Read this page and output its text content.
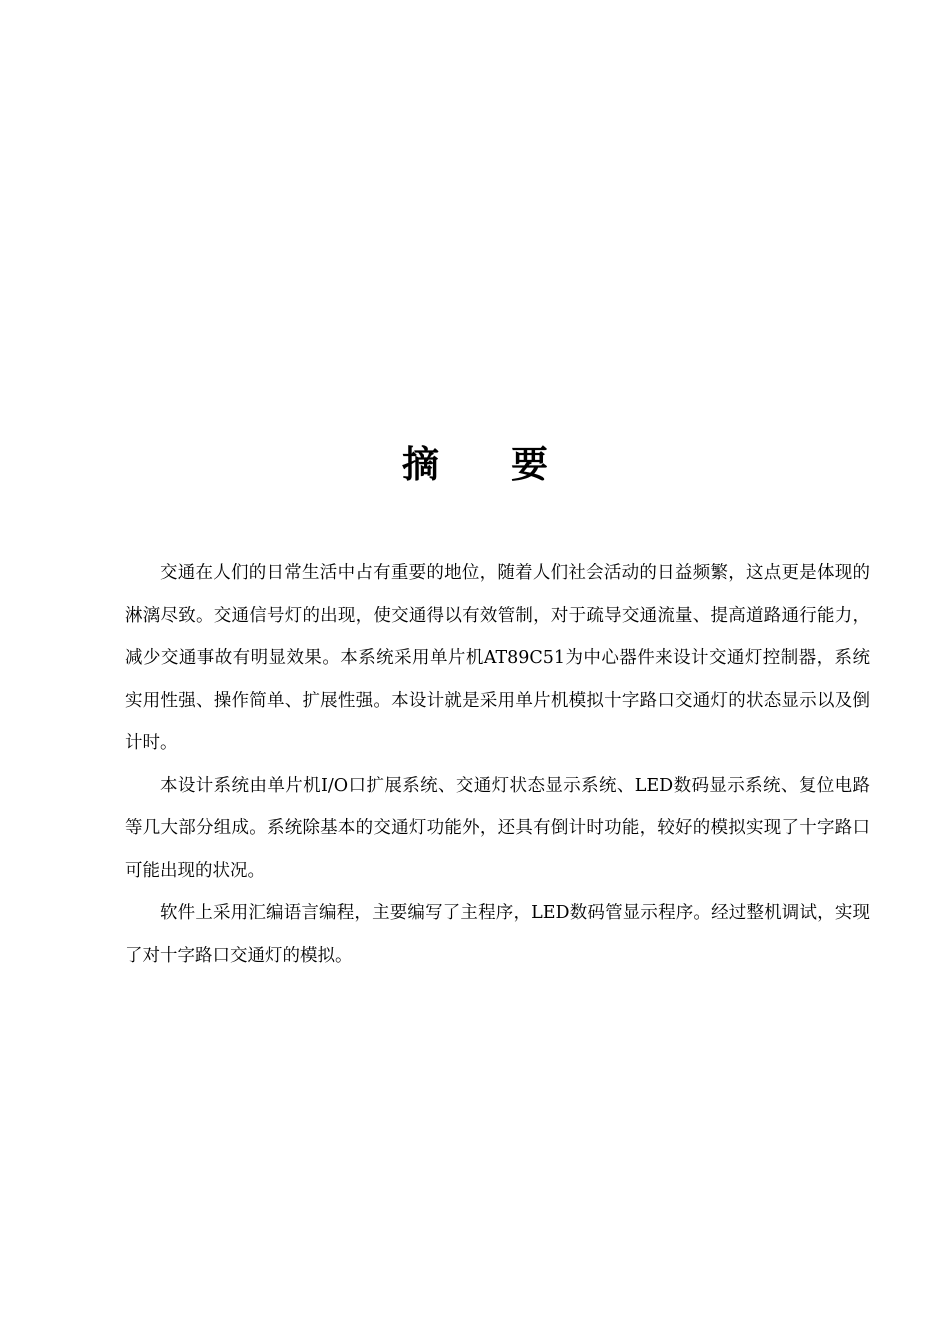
摘 要

交通在人们的日常生活中占有重要的地位，随着人们社会活动的日益频繁，这点更是体现的淋漓尽致。交通信号灯的出现，使交通得以有效管制，对于疏导交通流量、提高道路通行能力，减少交通事故有明显效果。本系统采用单片机AT89C51为中心器件来设计交通灯控制器，系统实用性强、操作简单、扩展性强。本设计就是采用单片机模拟十字路口交通灯的状态显示以及倒计时。

本设计系统由单片机I/O口扩展系统、交通灯状态显示系统、LED数码显示系统、复位电路等几大部分组成。系统除基本的交通灯功能外，还具有倒计时功能，较好的模拟实现了十字路口可能出现的状况。

软件上采用汇编语言编程，主要编写了主程序，LED数码管显示程序。经过整机调试，实现了对十字路口交通灯的模拟。
